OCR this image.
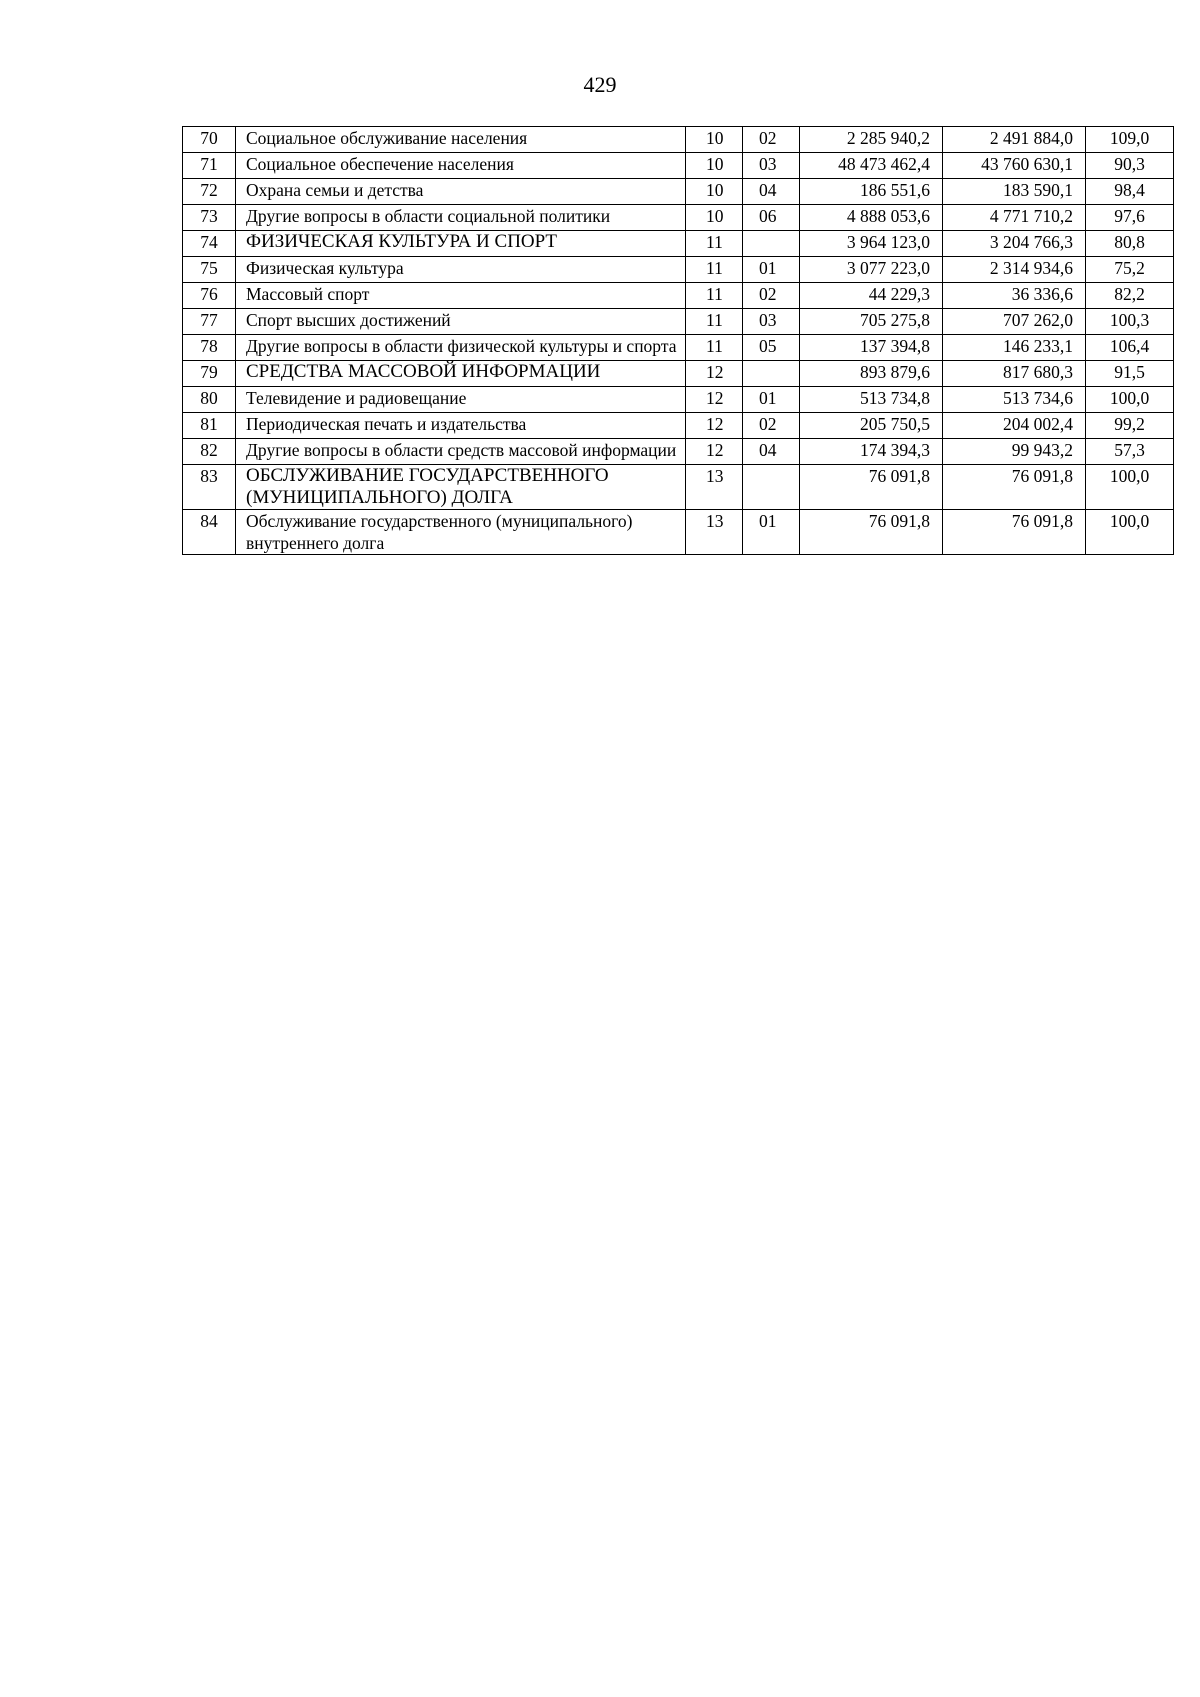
429
70	Социальное обслуживание населения	10	02	2 285 940,2	2 491 884,0	109,0
71	Социальное обеспечение населения	10	03	48 473 462,4	43 760 630,1	90,3
72	Охрана семьи и детства	10	04	186 551,6	183 590,1	98,4
73	Другие вопросы в области социальной политики	10	06	4 888 053,6	4 771 710,2	97,6
74	ФИЗИЧЕСКАЯ КУЛЬТУРА И СПОРТ	11		3 964 123,0	3 204 766,3	80,8
75	Физическая культура	11	01	3 077 223,0	2 314 934,6	75,2
76	Массовый спорт	11	02	44 229,3	36 336,6	82,2
77	Спорт высших достижений	11	03	705 275,8	707 262,0	100,3
78	Другие вопросы в области физической культуры и спорта	11	05	137 394,8	146 233,1	106,4
79	СРЕДСТВА МАССОВОЙ ИНФОРМАЦИИ	12		893 879,6	817 680,3	91,5
80	Телевидение и радиовещание	12	01	513 734,8	513 734,6	100,0
81	Периодическая печать и издательства	12	02	205 750,5	204 002,4	99,2
82	Другие вопросы в области средств массовой информации	12	04	174 394,3	99 943,2	57,3
83	ОБСЛУЖИВАНИЕ ГОСУДАРСТВЕННОГО (МУНИЦИПАЛЬНОГО) ДОЛГА	13		76 091,8	76 091,8	100,0
84	Обслуживание государственного (муниципального) внутреннего долга	13	01	76 091,8	76 091,8	100,0
